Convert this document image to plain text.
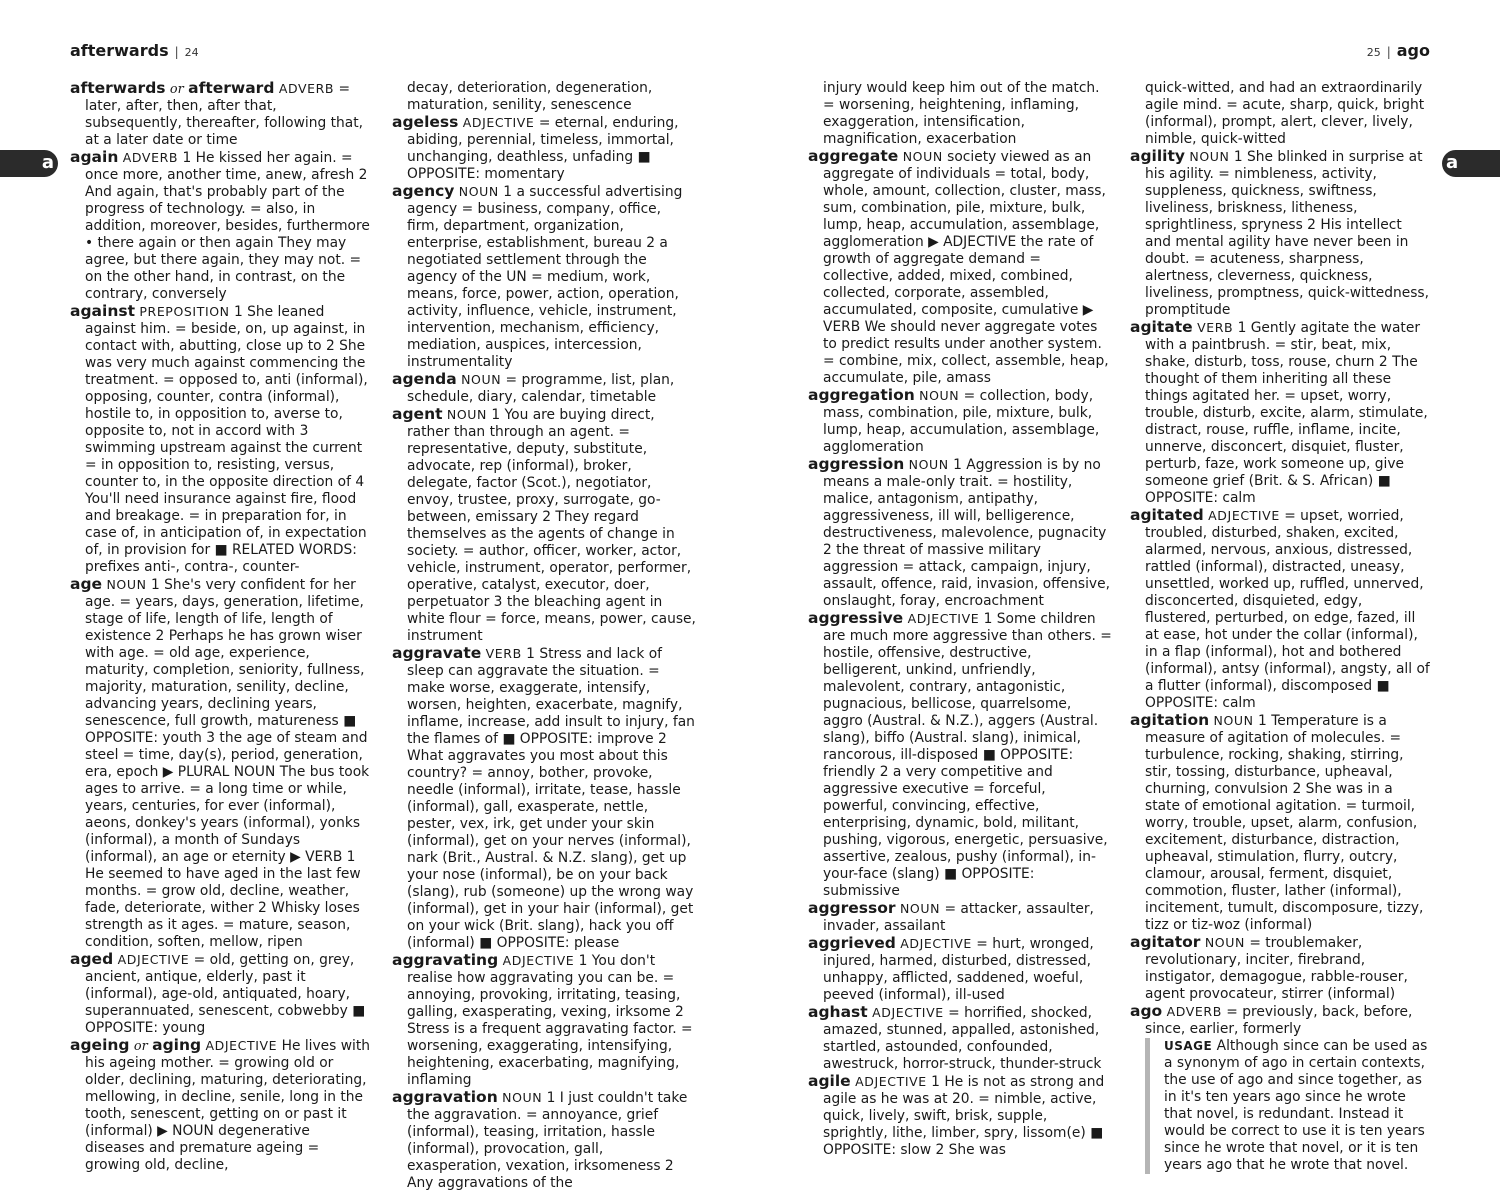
afterwards | 24	25 | ago
a	a
afterwards or afterward ADVERB = later, after, then, after that, subsequently, thereafter, following that, at a later date or time
again ADVERB 1 He kissed her again. = once more, another time, anew, afresh 2 And again, that's probably part of the progress of technology. = also, in addition, moreover, besides, furthermore • there again or then again They may agree, but there again, they may not. = on the other hand, in contrast, on the contrary, conversely
against PREPOSITION 1 She leaned against him. = beside, on, up against, in contact with, abutting, close up to 2 She was very much against commencing the treatment. = opposed to, anti (informal), opposing, counter, contra (informal), hostile to, in opposition to, averse to, opposite to, not in accord with 3 swimming upstream against the current = in opposition to, resisting, versus, counter to, in the opposite direction of 4 You'll need insurance against fire, flood and breakage. = in preparation for, in case of, in anticipation of, in expectation of, in provision for ■ RELATED WORDS: prefixes anti-, contra-, counter-
age NOUN 1 She's very confident for her age. = years, days, generation, lifetime, stage of life, length of life, length of existence 2 Perhaps he has grown wiser with age. = old age, experience, maturity, completion, seniority, fullness, majority, maturation, senility, decline, advancing years, declining years, senescence, full growth, matureness ■ OPPOSITE: youth 3 the age of steam and steel = time, day(s), period, generation, era, epoch ▶ PLURAL NOUN The bus took ages to arrive. = a long time or while, years, centuries, for ever (informal), aeons, donkey's years (informal), yonks (informal), a month of Sundays (informal), an age or eternity ▶ VERB 1 He seemed to have aged in the last few months. = grow old, decline, weather, fade, deteriorate, wither 2 Whisky loses strength as it ages. = mature, season, condition, soften, mellow, ripen
aged ADJECTIVE = old, getting on, grey, ancient, antique, elderly, past it (informal), age-old, antiquated, hoary, superannuated, senescent, cobwebby ■ OPPOSITE: young
ageing or aging ADJECTIVE He lives with his ageing mother. = growing old or older, declining, maturing, deteriorating, mellowing, in decline, senile, long in the tooth, senescent, getting on or past it (informal) ▶ NOUN degenerative diseases and premature ageing = growing old, decline,
decay, deterioration, degeneration, maturation, senility, senescence
ageless ADJECTIVE = eternal, enduring, abiding, perennial, timeless, immortal, unchanging, deathless, unfading ■ OPPOSITE: momentary
agency NOUN 1 a successful advertising agency = business, company, office, firm, department, organization, enterprise, establishment, bureau 2 a negotiated settlement through the agency of the UN = medium, work, means, force, power, action, operation, activity, influence, vehicle, instrument, intervention, mechanism, efficiency, mediation, auspices, intercession, instrumentality
agenda NOUN = programme, list, plan, schedule, diary, calendar, timetable
agent NOUN 1 You are buying direct, rather than through an agent. = representative, deputy, substitute, advocate, rep (informal), broker, delegate, factor (Scot.), negotiator, envoy, trustee, proxy, surrogate, go-between, emissary 2 They regard themselves as the agents of change in society. = author, officer, worker, actor, vehicle, instrument, operator, performer, operative, catalyst, executor, doer, perpetuator 3 the bleaching agent in white flour = force, means, power, cause, instrument
aggravate VERB 1 Stress and lack of sleep can aggravate the situation. = make worse, exaggerate, intensify, worsen, heighten, exacerbate, magnify, inflame, increase, add insult to injury, fan the flames of ■ OPPOSITE: improve 2 What aggravates you most about this country? = annoy, bother, provoke, needle (informal), irritate, tease, hassle (informal), gall, exasperate, nettle, pester, vex, irk, get under your skin (informal), get on your nerves (informal), nark (Brit., Austral. & N.Z. slang), get up your nose (informal), be on your back (slang), rub (someone) up the wrong way (informal), get in your hair (informal), get on your wick (Brit. slang), hack you off (informal) ■ OPPOSITE: please
aggravating ADJECTIVE 1 You don't realise how aggravating you can be. = annoying, provoking, irritating, teasing, galling, exasperating, vexing, irksome 2 Stress is a frequent aggravating factor. = worsening, exaggerating, intensifying, heightening, exacerbating, magnifying, inflaming
aggravation NOUN 1 I just couldn't take the aggravation. = annoyance, grief (informal), teasing, irritation, hassle (informal), provocation, gall, exasperation, vexation, irksomeness 2 Any aggravations of the
injury would keep him out of the match. = worsening, heightening, inflaming, exaggeration, intensification, magnification, exacerbation
aggregate NOUN society viewed as an aggregate of individuals = total, body, whole, amount, collection, cluster, mass, sum, combination, pile, mixture, bulk, lump, heap, accumulation, assemblage, agglomeration ▶ ADJECTIVE the rate of growth of aggregate demand = collective, added, mixed, combined, collected, corporate, assembled, accumulated, composite, cumulative ▶ VERB We should never aggregate votes to predict results under another system. = combine, mix, collect, assemble, heap, accumulate, pile, amass
aggregation NOUN = collection, body, mass, combination, pile, mixture, bulk, lump, heap, accumulation, assemblage, agglomeration
aggression NOUN 1 Aggression is by no means a male-only trait. = hostility, malice, antagonism, antipathy, aggressiveness, ill will, belligerence, destructiveness, malevolence, pugnacity 2 the threat of massive military aggression = attack, campaign, injury, assault, offence, raid, invasion, offensive, onslaught, foray, encroachment
aggressive ADJECTIVE 1 Some children are much more aggressive than others. = hostile, offensive, destructive, belligerent, unkind, unfriendly, malevolent, contrary, antagonistic, pugnacious, bellicose, quarrelsome, aggro (Austral. & N.Z.), aggers (Austral. slang), biffo (Austral. slang), inimical, rancorous, ill-disposed ■ OPPOSITE: friendly 2 a very competitive and aggressive executive = forceful, powerful, convincing, effective, enterprising, dynamic, bold, militant, pushing, vigorous, energetic, persuasive, assertive, zealous, pushy (informal), in-your-face (slang) ■ OPPOSITE: submissive
aggressor NOUN = attacker, assaulter, invader, assailant
aggrieved ADJECTIVE = hurt, wronged, injured, harmed, disturbed, distressed, unhappy, afflicted, saddened, woeful, peeved (informal), ill-used
aghast ADJECTIVE = horrified, shocked, amazed, stunned, appalled, astonished, startled, astounded, confounded, awestruck, horror-struck, thunder-struck
agile ADJECTIVE 1 He is not as strong and agile as he was at 20. = nimble, active, quick, lively, swift, brisk, supple, sprightly, lithe, limber, spry, lissom(e) ■ OPPOSITE: slow 2 She was
quick-witted, and had an extraordinarily agile mind. = acute, sharp, quick, bright (informal), prompt, alert, clever, lively, nimble, quick-witted
agility NOUN 1 She blinked in surprise at his agility. = nimbleness, activity, suppleness, quickness, swiftness, liveliness, briskness, litheness, sprightliness, spryness 2 His intellect and mental agility have never been in doubt. = acuteness, sharpness, alertness, cleverness, quickness, liveliness, promptness, quick-wittedness, promptitude
agitate VERB 1 Gently agitate the water with a paintbrush. = stir, beat, mix, shake, disturb, toss, rouse, churn 2 The thought of them inheriting all these things agitated her. = upset, worry, trouble, disturb, excite, alarm, stimulate, distract, rouse, ruffle, inflame, incite, unnerve, disconcert, disquiet, fluster, perturb, faze, work someone up, give someone grief (Brit. & S. African) ■ OPPOSITE: calm
agitated ADJECTIVE = upset, worried, troubled, disturbed, shaken, excited, alarmed, nervous, anxious, distressed, rattled (informal), distracted, uneasy, unsettled, worked up, ruffled, unnerved, disconcerted, disquieted, edgy, flustered, perturbed, on edge, fazed, ill at ease, hot under the collar (informal), in a flap (informal), hot and bothered (informal), antsy (informal), angsty, all of a flutter (informal), discomposed ■ OPPOSITE: calm
agitation NOUN 1 Temperature is a measure of agitation of molecules. = turbulence, rocking, shaking, stirring, stir, tossing, disturbance, upheaval, churning, convulsion 2 She was in a state of emotional agitation. = turmoil, worry, trouble, upset, alarm, confusion, excitement, disturbance, distraction, upheaval, stimulation, flurry, outcry, clamour, arousal, ferment, disquiet, commotion, fluster, lather (informal), incitement, tumult, discomposure, tizzy, tizz or tiz-woz (informal)
agitator NOUN = troublemaker, revolutionary, inciter, firebrand, instigator, demagogue, rabble-rouser, agent provocateur, stirrer (informal)
ago ADVERB = previously, back, before, since, earlier, formerly
USAGE Although since can be used as a synonym of ago in certain contexts, the use of ago and since together, as in it's ten years ago since he wrote that novel, is redundant. Instead it would be correct to use it is ten years since he wrote that novel, or it is ten years ago that he wrote that novel.
